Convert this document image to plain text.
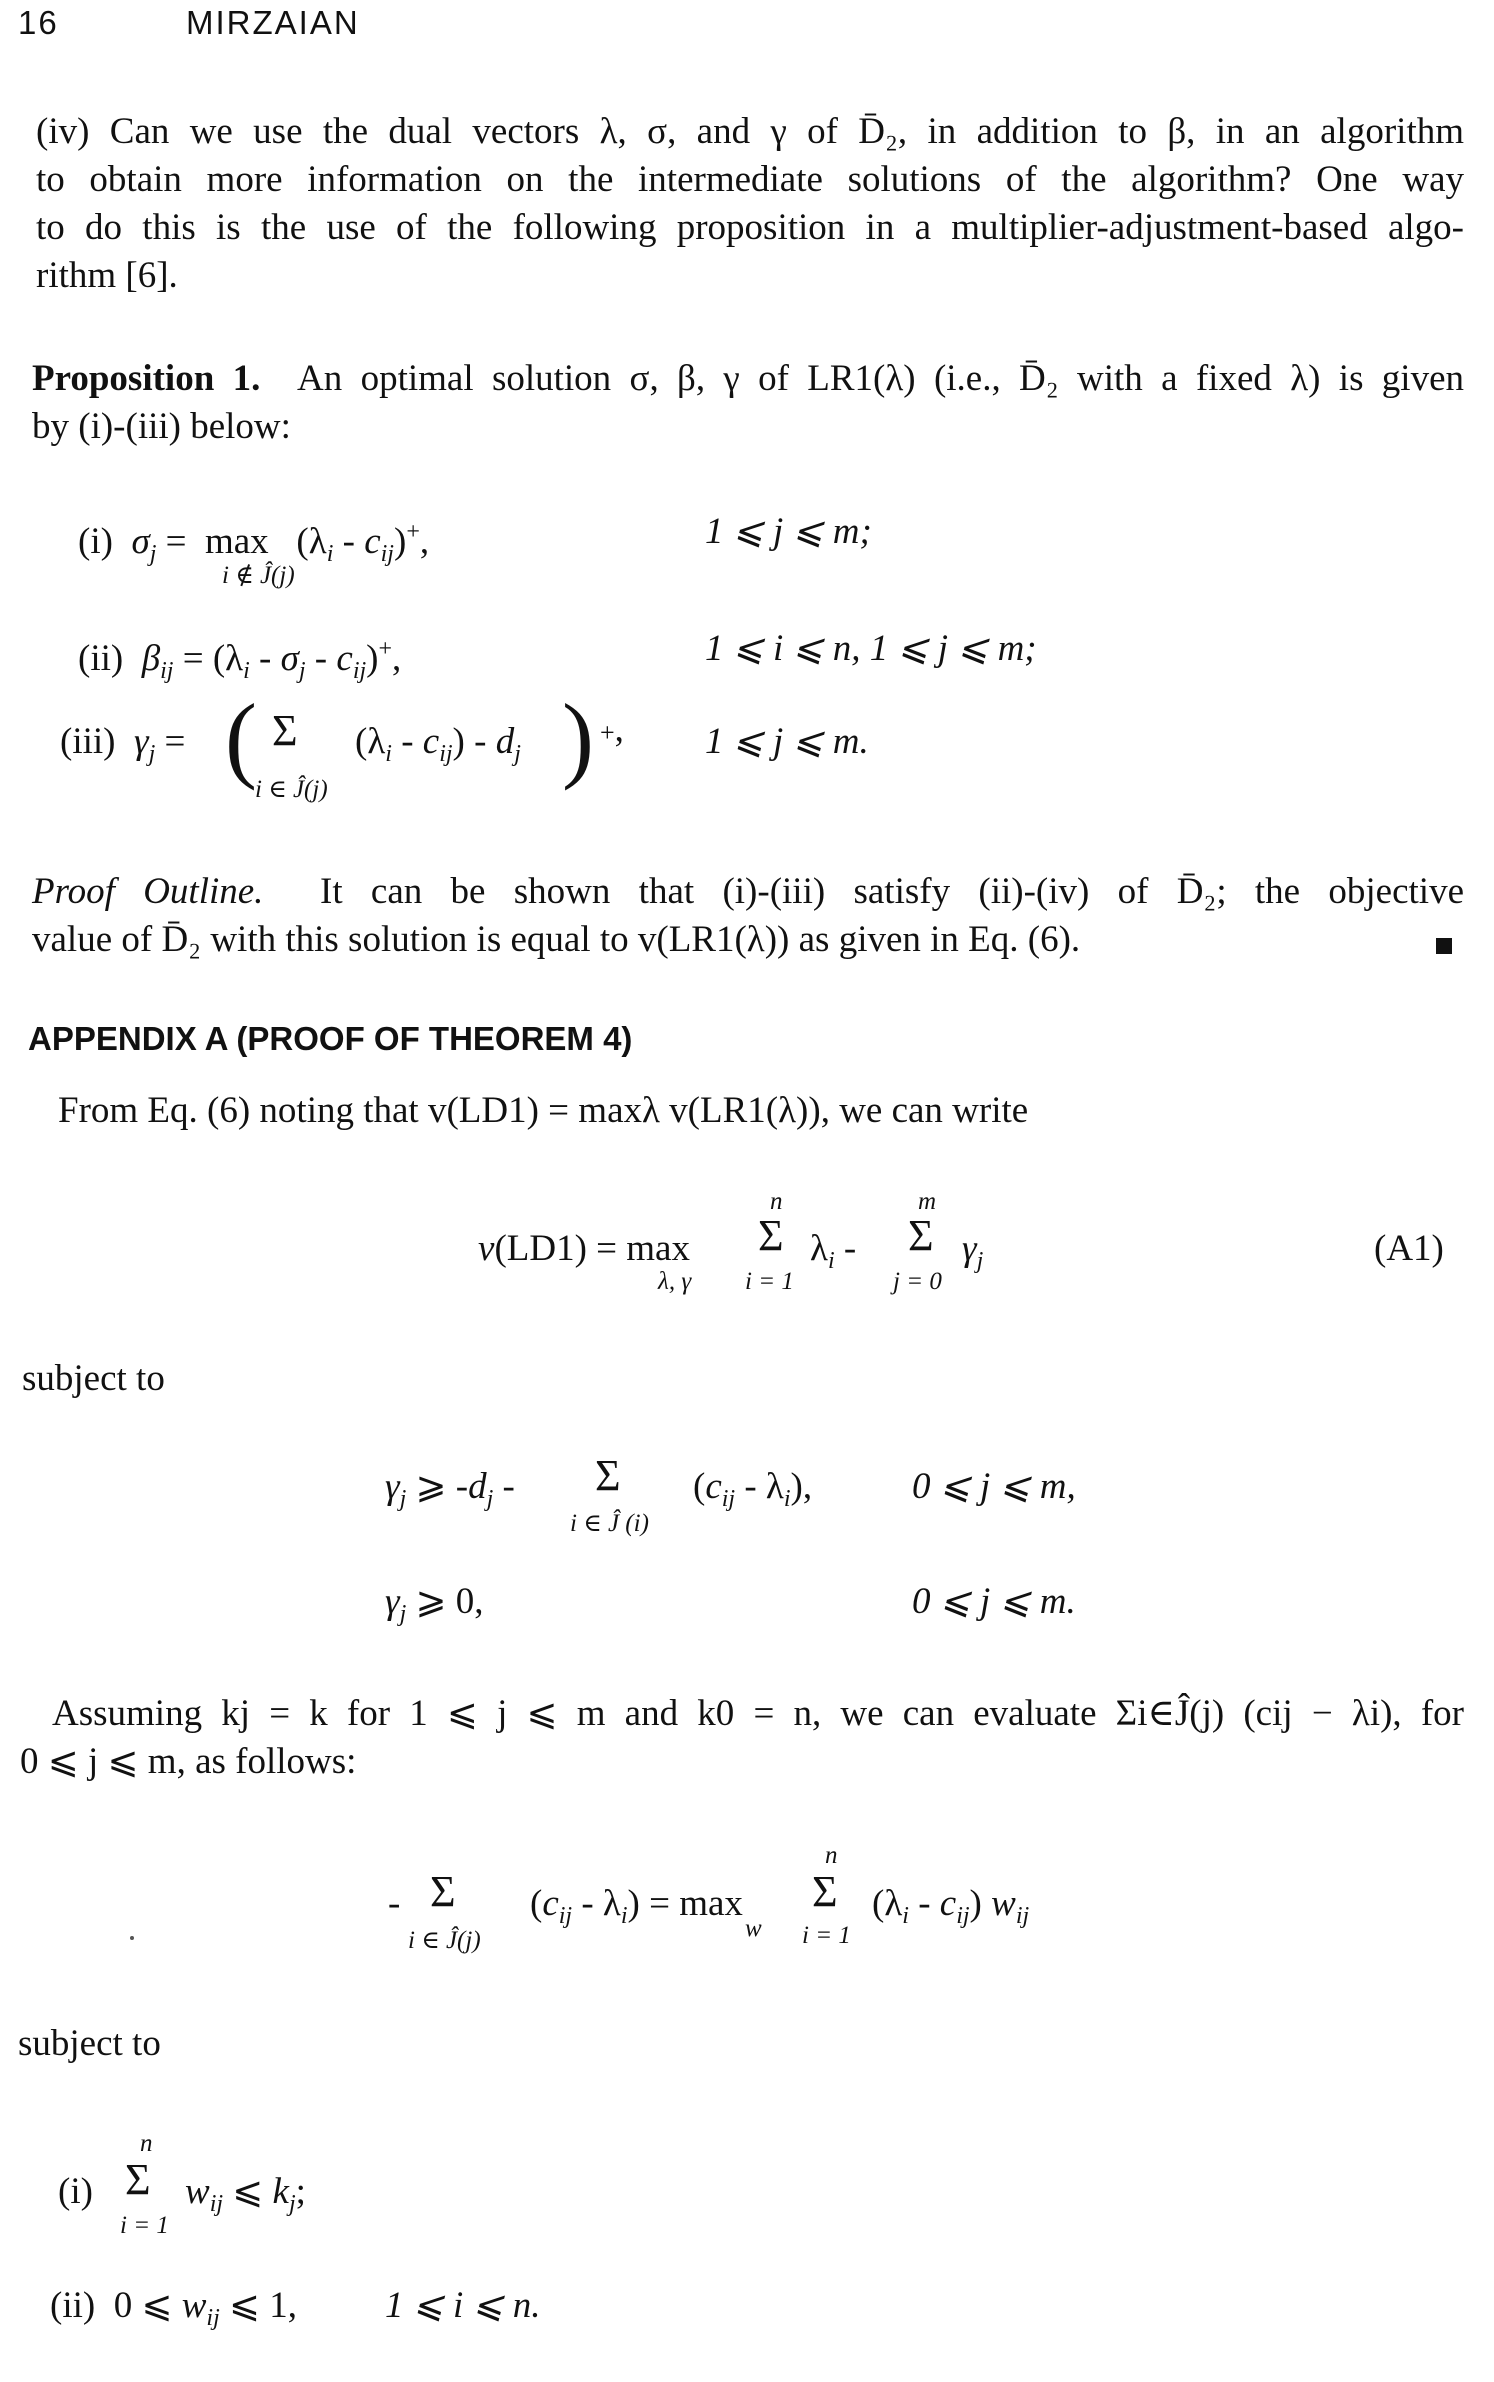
16	MIRZAIAN
(iv) Can we use the dual vectors λ, σ, and γ of D̄₂, in addition to β, in an algorithm
to obtain more information on the intermediate solutions of the algorithm? One way
to do this is the use of the following proposition in a multiplier-adjustment-based algo-
rithm [6].
Proposition 1. An optimal solution σ, β, γ of LR1(λ) (i.e., D̄₂ with a fixed λ) is given
by (i)-(iii) below:
(i) $\sigma_j = \max (\lambda_i - c_{ij})^+$,
i ∉ Ĵ(j)
1 ⩽ j ⩽ m;
(ii) $\beta_{ij} = (\lambda_i - \sigma_j - c_{ij})^+$,	1 ⩽ i ⩽ n, 1 ⩽ j ⩽ m;
(iii) $\gamma_j$ = ( Σ $(\lambda_i - c_{ij}) - d_j$ ) +,
i ∈ Ĵ(j)
1 ⩽ j ⩽ m.
Proof Outline. It can be shown that (i)-(iii) satisfy (ii)-(iv) of D̄₂; the objective
value of D̄₂ with this solution is equal to v(LR1(λ)) as given in Eq. (6).
APPENDIX A (PROOF OF THEOREM 4)
From Eq. (6) noting that v(LD1) = maxλ v(LR1(λ)), we can write
n	m
v(LD1) = max Σ $\lambda_i$ - Σ $\gamma_j$
λ, γ i = 1	j = 0
(A1)
subject to
$\gamma_j$ ⩾ $-d_j$ - Σ $(c_{ij} - \lambda_i)$,
i ∈ Ĵ (i)
0 ⩽ j ⩽ m,
$\gamma_j$ ⩾ 0,	0 ⩽ j ⩽ m.
Assuming kj = k for 1 ⩽ j ⩽ m and k0 = n, we can evaluate Σi∈Ĵ(j) (cij − λi), for
0 ⩽ j ⩽ m, as follows:
n
- Σ $(c_{ij} - \lambda_i) = \max \Sigma$ $(\lambda_i - c_{ij})$ $w_{ij}$
i ∈ Ĵ(j)	w i = 1
subject to
n
(i) Σ $w_{ij}$ ⩽ $k_j$;
i = 1
(ii)  0 ⩽ $w_{ij}$ ⩽ 1, 1 ⩽ i ⩽ n.
